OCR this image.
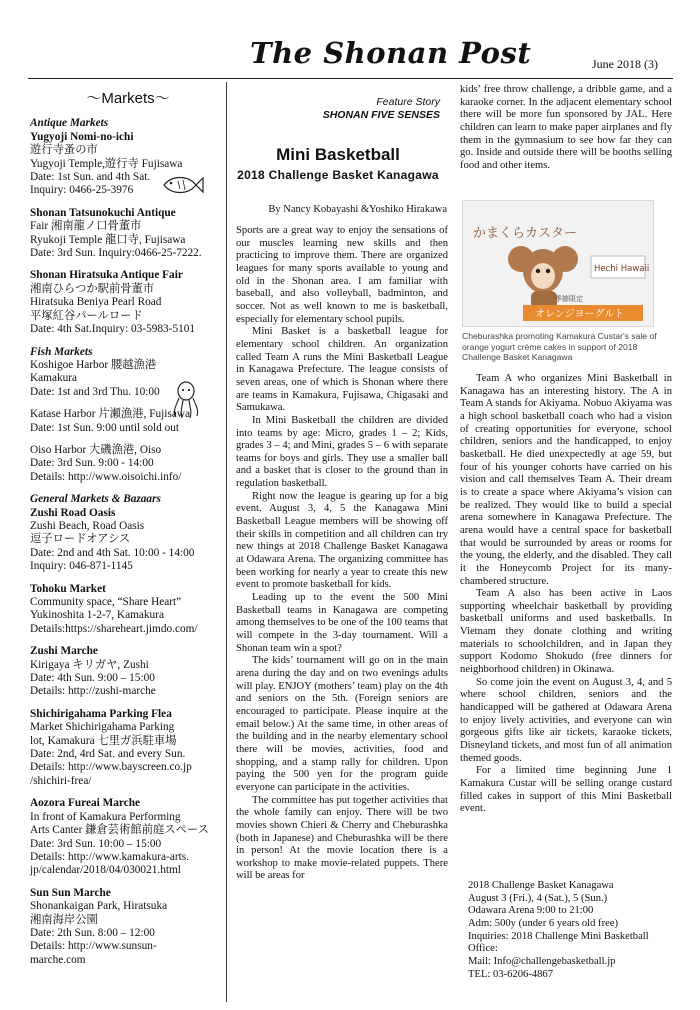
The Shonan Post	June 2018 (3)
～Markets～
Antique Markets
Yugyoji Nomi-no-ichi
遊行寺蚤の市
Yugyoji Temple,遊行寺 Fujisawa
Date: 1st Sun. and 4th Sat.
Inquiry: 0466-25-3976
Shonan Tatsunokuchi Antique
Fair 湘南龍ノ口骨董市
Ryukoji Temple 龍口寺, Fujisawa
Date: 3rd Sun. Inquiry:0466-25-7222.
Shonan Hiratsuka Antique Fair
湘南ひらつか駅前骨董市
Hiratsuka Beniya Pearl Road
平塚紅谷パールロード
Date: 4th Sat.Inquiry: 03-5983-5101
Fish Markets
Koshigoe Harbor 腰越漁港
Kamakura
Date: 1st and 3rd Thu. 10:00
Katase Harbor 片瀬漁港, Fujisawa
Date: 1st Sun. 9:00 until sold out
Oiso Harbor 大磯漁港, Oiso
Date: 3rd Sun. 9:00 - 14:00
Details: http://www.oisoichi.info/
General Markets & Bazaars
Zushi Road Oasis
Zushi Beach, Road Oasis
逗子ロードオアシス
Date: 2nd and 4th Sat. 10:00 - 14:00
Inquiry: 046-871-1145
Tohoku Market
Community space, “Share Heart”
Yukinoshita 1-2-7, Kamakura
Details:https://shareheart.jimdo.com/
Zushi Marche
Kirigaya キリガヤ, Zushi
Date: 4th Sun. 9:00 – 15:00
Details: http://zushi-marche
Shichirigahama Parking Flea
Market Shichirigahama Parking
lot, Kamakura 七里ガ浜駐車場
Date: 2nd, 4rd Sat. and every Sun.
Details: http://www.bayscreen.co.jp
/shichiri-frea/
Aozora Fureai Marche
In front of Kamakura Performing
Arts Canter 鎌倉芸術館前庭スペース
Date: 3rd Sun. 10:00 – 15:00
Details: http://www.kamakura-arts.
jp/calendar/2018/04/030021.html
Sun Sun Marche
Shonankaigan Park, Hiratsuka
湘南海岸公園
Date: 2th Sun. 8:00 – 12:00
Details: http://www.sunsun-
marche.com
Feature Story
SHONAN FIVE SENSES
Mini Basketball
2018 Challenge Basket Kanagawa
By Nancy Kobayashi &Yoshiko Hirakawa

Sports are a great way to enjoy the sensations of our muscles learning new skills and then practicing to improve them. There are organized leagues for many sports available to young and old in the Shonan area. I am familiar with baseball, and also volleyball, badminton, and soccer. Not as well known to me is basketball, especially for elementary school pupils.

Mini Basket is a basketball league for elementary school children. An organization called Team A runs the Mini Basketball League in Kanagawa Prefecture. The league consists of seven areas, one of which is Shonan where there are teams in Kamakura, Fujisawa, Chigasaki and Samukawa.

In Mini Basketball the children are divided into teams by age: Micro, grades 1 – 2; Kids, grades 3 – 4; and Mini, grades 5 – 6 with separate teams for boys and girls. They use a smaller ball and a basket that is closer to the ground than in regulation basketball.

Right now the league is gearing up for a big event. August 3, 4, 5 the Kanagawa Mini Basketball League members will be showing off their skills in competition and all children can try new things at 2018 Challenge Basket Kanagawa at Odawara Arena. The organizing committee has been working for nearly a year to create this new event to promote basketball for kids.

Leading up to the event the 500 Mini Basketball teams in Kanagawa are competing among themselves to be one of the 100 teams that will compete in the 3-day tournament. Will a Shonan team win a spot?

The kids’ tournament will go on in the main arena during the day and on two evenings adults will play. ENJOY (mothers’ team) play on the 4th and seniors on the 5th. (Foreign seniors are encouraged to participate. Please inquire at the email below.) At the same time, in other areas of the building and in the nearby elementary school there will be movies, activities, food and shopping, and a stamp rally for children. Upon paying the 500 yen for the program guide everyone can participate in the activities.

The committee has put together activities that the whole family can enjoy. There will be two movies shown Chieri & Cherry and Cheburashka (both in Japanese) and Cheburashka will be there in person! At the movie location there is a workshop to make movie-related puppets. There will be areas for

kids’ free throw challenge, a dribble game, and a karaoke corner. In the adjacent elementary school there will be more fun sponsored by JAL. Here children can learn to make paper airplanes and fly them in the gymnasium to see how far they can go. Inside and outside there will be booths selling food and other items.

かまくらカスター
Hechi Hawaii
季節限定
オレンジヨーグルト
Cheburashka promoting Kamakura Custar's sale of orange yogurt crème cakes in support of 2018 Challenge Basket Kanagawa

Team A who organizes Mini Basketball in Kanagawa has an interesting history. The A in Team A stands for Akiyama. Nobuo Akiyama was a high school basketball coach who had a vision of creating opportunities for everyone, school children, seniors and the handicapped, to enjoy basketball. He died unexpectedly at age 59, but four of his younger cohorts have carried on his vision and call themselves Team A. Their dream is to create a space where Akiyama’s vision can be realized. They would like to build a special arena somewhere in Kanagawa Prefecture. The arena would have a central space for basketball that would be surrounded by areas or rooms for the young, the elderly, and the disabled. They call it the Honeycomb Project for its many-chambered structure.

Team A also has been active in Laos supporting wheelchair basketball by providing basketball uniforms and used basketballs. In Vietnam they donate clothing and writing materials to schoolchildren, and in Japan they support Kodomo Shokudo (free dinners for neighborhood children) in Okinawa.

So come join the event on August 3, 4, and 5 where school children, seniors and the handicapped will be gathered at Odawara Arena to enjoy lively activities, and everyone can win gorgeous gifts like air tickets, karaoke tickets, Disneyland tickets, and most fun of all animation themed goods.

For a limited time beginning June 1 Kamakura Custar will be selling orange custard filled cakes in support of this Mini Basketball event.

2018 Challenge Basket Kanagawa
August 3 (Fri.), 4 (Sat.), 5 (Sun.)
Odawara Arena 9:00 to 21:00
Adm: 500y (under 6 years old free)
Inquiries: 2018 Challenge Mini Basketball
Office:
Mail: Info@challengebasketball.jp
TEL: 03-6206-4867
